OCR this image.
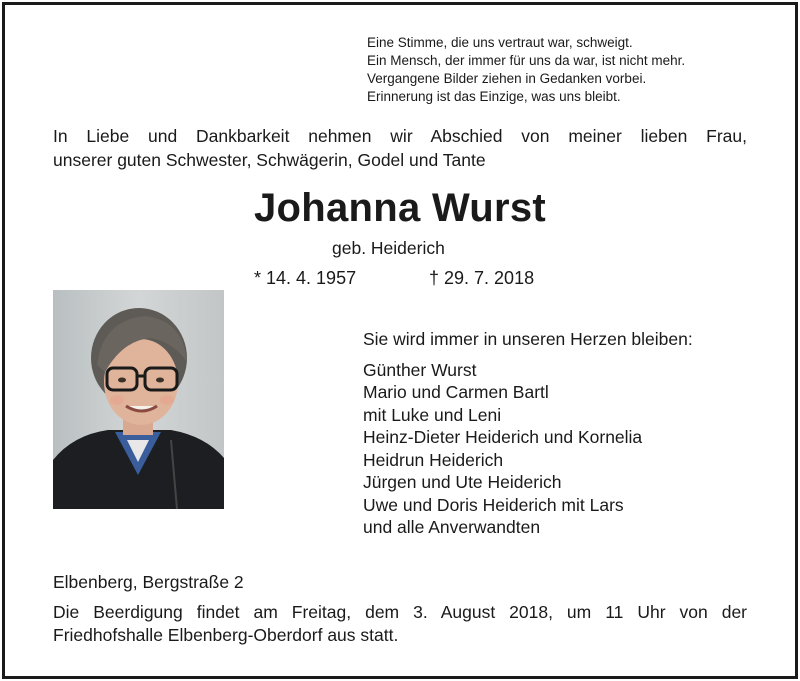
Eine Stimme, die uns vertraut war, schweigt.
Ein Mensch, der immer für uns da war, ist nicht mehr.
Vergangene Bilder ziehen in Gedanken vorbei.
Erinnerung ist das Einzige, was uns bleibt.
In Liebe und Dankbarkeit nehmen wir Abschied von meiner lieben Frau,
unserer guten Schwester, Schwägerin, Godel und Tante
Johanna Wurst
geb. Heiderich
* 14. 4. 1957	† 29. 7. 2018
Sie wird immer in unseren Herzen bleiben:
Günther Wurst
Mario und Carmen Bartl
mit Luke und Leni
Heinz-Dieter Heiderich und Kornelia
Heidrun Heiderich
Jürgen und Ute Heiderich
Uwe und Doris Heiderich mit Lars
und alle Anverwandten
Elbenberg, Bergstraße 2
Die Beerdigung findet am Freitag, dem 3. August 2018, um 11 Uhr von der
Friedhofshalle Elbenberg-Oberdorf aus statt.
